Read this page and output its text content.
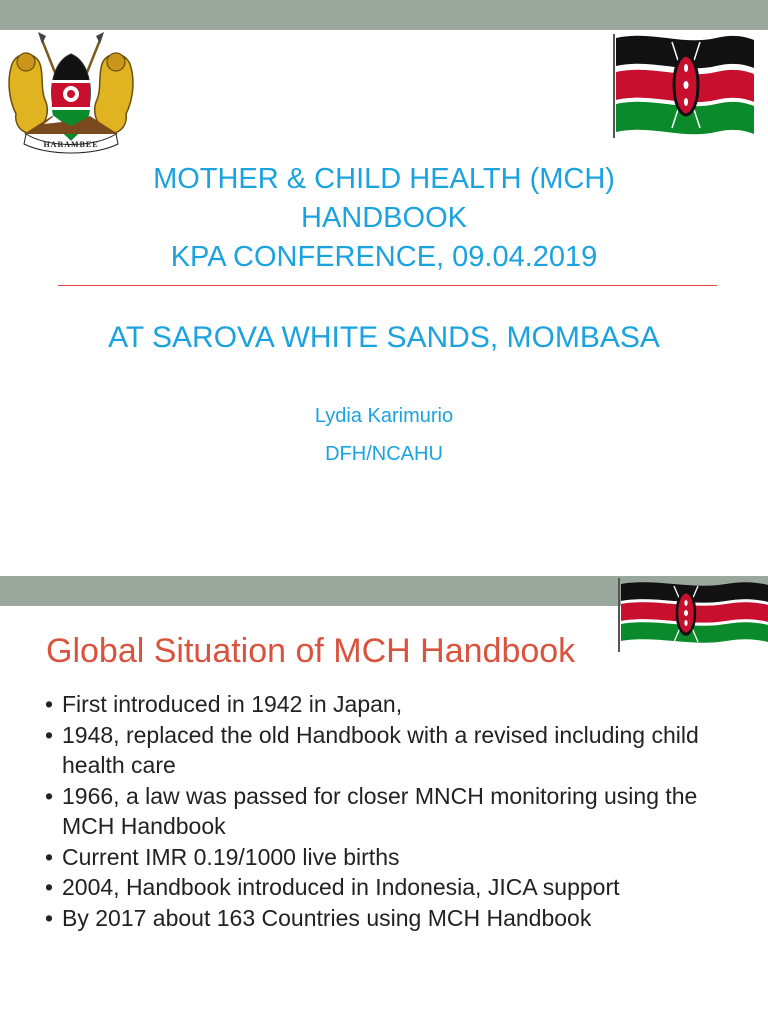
HARAMBEE
MOTHER & CHILD HEALTH (MCH)
HANDBOOK
KPA CONFERENCE, 09.04.2019
AT SAROVA WHITE SANDS, MOMBASA
Lydia Karimurio
DFH/NCAHU
Global Situation of MCH Handbook
• First introduced in 1942 in Japan,
• 1948, replaced the old Handbook with a revised including child health care
• 1966, a law was passed for closer MNCH monitoring using the MCH Handbook
• Current IMR 0.19/1000 live births
• 2004, Handbook introduced in Indonesia, JICA support
• By 2017 about 163 Countries using MCH Handbook
